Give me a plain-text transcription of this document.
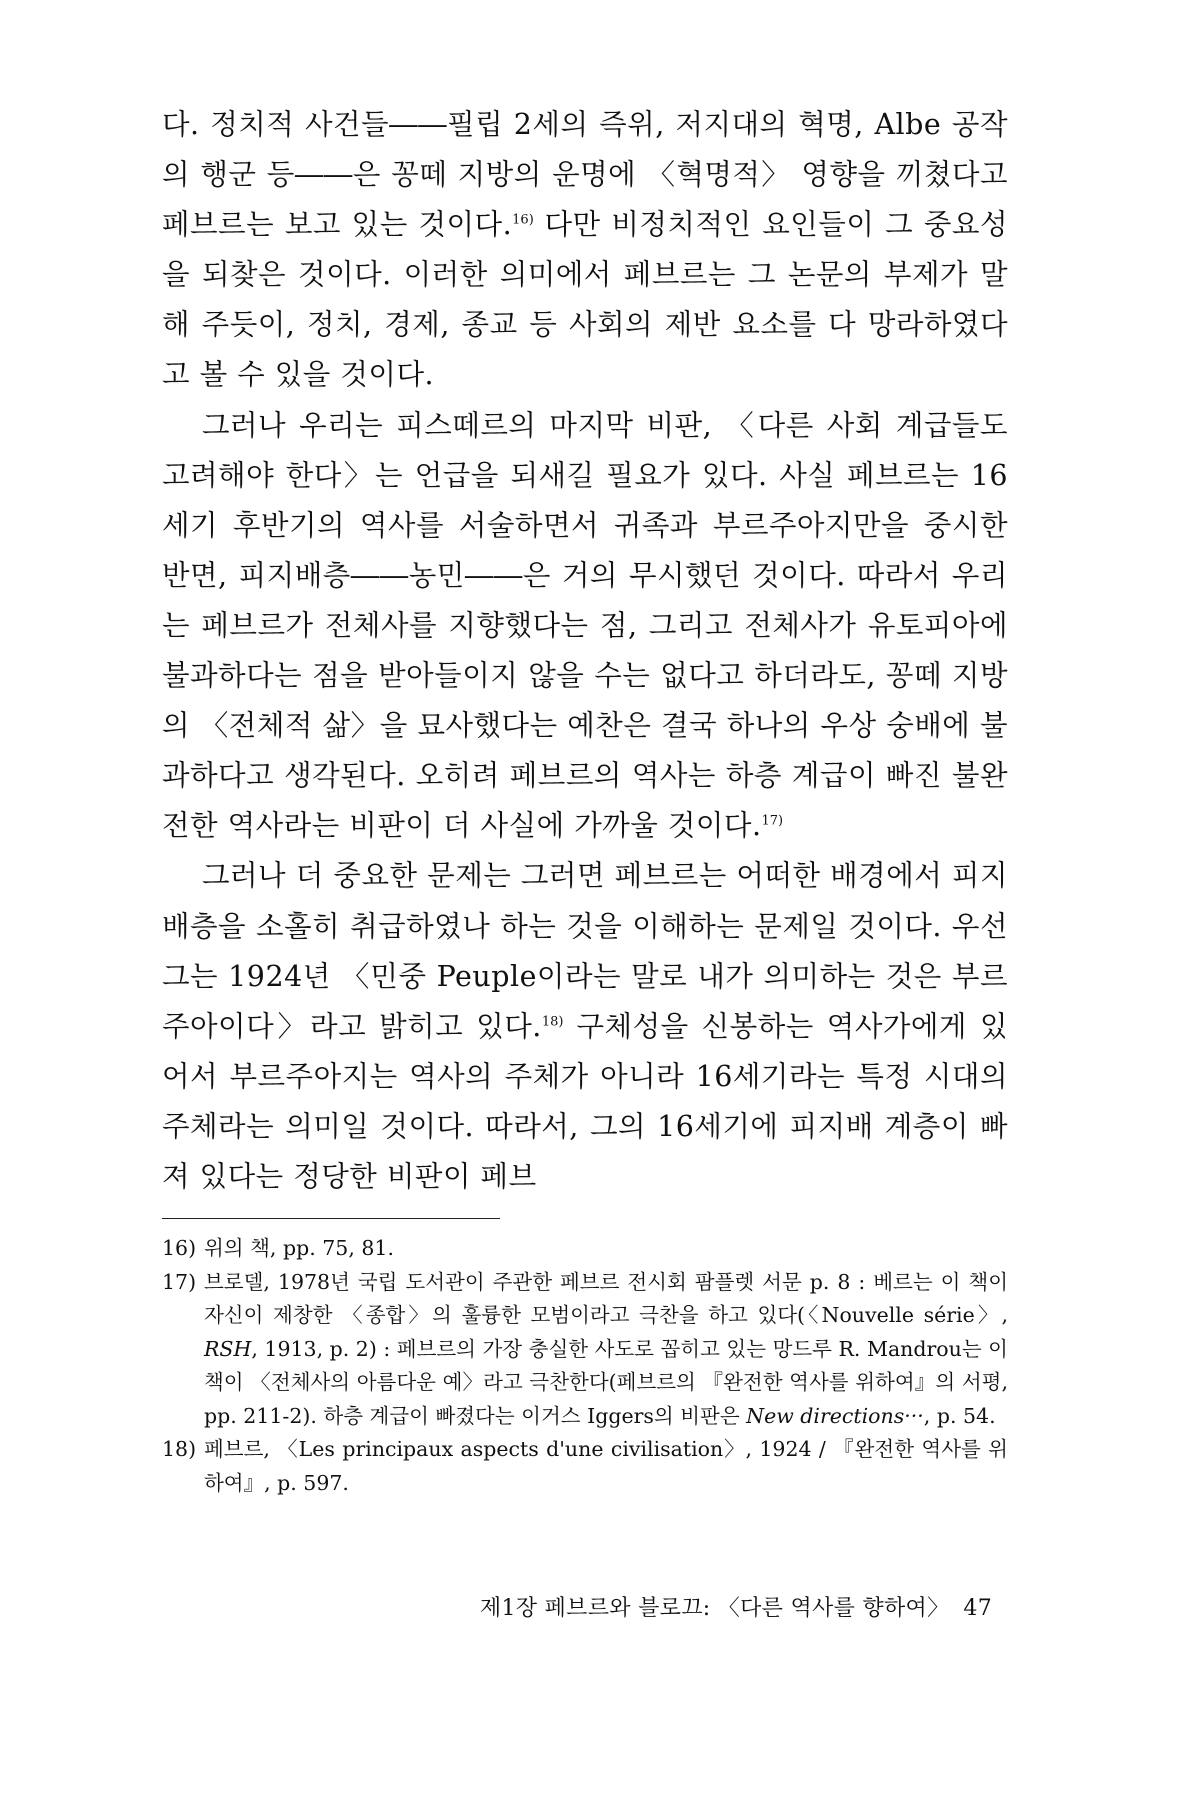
다. 정치적 사건들――필립 2세의 즉위, 저지대의 혁명, Albe 공작의 행군 등――은 꽁떼 지방의 운명에 〈혁명적〉 영향을 끼쳤다고 페브르는 보고 있는 것이다.$^{16)}$ 다만 비정치적인 요인들이 그 중요성을 되찾은 것이다. 이러한 의미에서 페브르는 그 논문의 부제가 말해 주듯이, 정치, 경제, 종교 등 사회의 제반 요소를 다 망라하였다고 볼 수 있을 것이다.

그러나 우리는 피스떼르의 마지막 비판, 〈다른 사회 계급들도 고려해야 한다〉는 언급을 되새길 필요가 있다. 사실 페브르는 16세기 후반기의 역사를 서술하면서 귀족과 부르주아지만을 중시한 반면, 피지배층――농민――은 거의 무시했던 것이다. 따라서 우리는 페브르가 전체사를 지향했다는 점, 그리고 전체사가 유토피아에 불과하다는 점을 받아들이지 않을 수는 없다고 하더라도, 꽁떼 지방의 〈전체적 삶〉을 묘사했다는 예찬은 결국 하나의 우상 숭배에 불과하다고 생각된다. 오히려 페브르의 역사는 하층 계급이 빠진 불완전한 역사라는 비판이 더 사실에 가까울 것이다.$^{17)}$

그러나 더 중요한 문제는 그러면 페브르는 어떠한 배경에서 피지배층을 소홀히 취급하였나 하는 것을 이해하는 문제일 것이다. 우선 그는 1924년 〈민중 Peuple이라는 말로 내가 의미하는 것은 부르주아이다〉라고 밝히고 있다.$^{18)}$ 구체성을 신봉하는 역사가에게 있어서 부르주아지는 역사의 주체가 아니라 16세기라는 특정 시대의 주체라는 의미일 것이다. 따라서, 그의 16세기에 피지배 계층이 빠져 있다는 정당한 비판이 페브

16) 위의 책, pp. 75, 81.
17) 브로델, 1978년 국립 도서관이 주관한 페브르 전시회 팜플렛 서문 p. 8 : 베르는 이 책이 자신이 제창한 〈종합〉의 훌륭한 모범이라고 극찬을 하고 있다(〈Nouvelle série〉, RSH, 1913, p. 2) : 페브르의 가장 충실한 사도로 꼽히고 있는 망드루 R. Mandrou는 이 책이 〈전체사의 아름다운 예〉라고 극찬한다(페브르의 『완전한 역사를 위하여』의 서평, pp. 211-2). 하층 계급이 빠졌다는 이거스 Iggers의 비판은 New directions···, p. 54.
18) 페브르, 〈Les principaux aspects d'une civilisation〉, 1924 / 『완전한 역사를 위하여』, p. 597.
제1장 페브르와 블로끄: 〈다른 역사를 향하여〉 47
